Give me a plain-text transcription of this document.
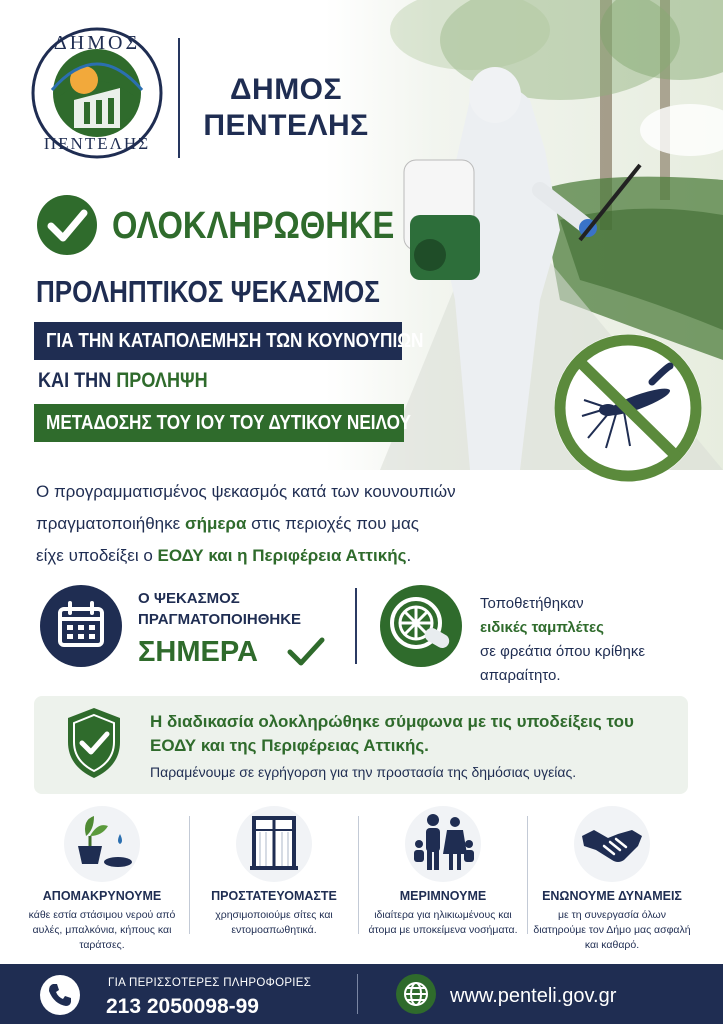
ΔΗΜΟΣ
ΠΕΝΤΕΛΗΣ
ΔΗΜΟΣ
ΠΕΝΤΕΛΗΣ
ΟΛΟΚΛΗΡΩΘΗΚΕ
ΠΡΟΛΗΠΤΙΚΟΣ ΨΕΚΑΣΜΟΣ
ΓΙΑ ΤΗΝ ΚΑΤΑΠΟΛΕΜΗΣΗ ΤΩΝ ΚΟΥΝΟΥΠΙΩΝ
ΚΑΙ ΤΗΝ ΠΡΟΛΗΨΗ
ΜΕΤΑΔΟΣΗΣ ΤΟΥ ΙΟΥ ΤΟΥ ΔΥΤΙΚΟΥ ΝΕΙΛΟΥ
Ο προγραμματισμένος ψεκασμός κατά των κουνουπιών
πραγματοποιήθηκε σήμερα στις περιοχές που μας
είχε υποδείξει ο ΕΟΔΥ και η Περιφέρεια Αττικής.
Ο ΨΕΚΑΣΜΟΣ
ΠΡΑΓΜΑΤΟΠΟΙΗΘΗΚΕ
ΣΗΜΕΡΑ
Τοποθετήθηκαν
ειδικές ταμπλέτες
σε φρεάτια όπου κρίθηκε
απαραίτητο.
Η διαδικασία ολοκληρώθηκε σύμφωνα με τις υποδείξεις του ΕΟΔΥ και της Περιφέρειας Αττικής.
Παραμένουμε σε εγρήγορση για την προστασία της δημόσιας υγείας.
ΑΠΟΜΑΚΡΥΝΟΥΜΕ
κάθε εστία στάσιμου νερού από αυλές, μπαλκόνια, κήπους και ταράτσες.
ΠΡΟΣΤΑΤΕΥΟΜΑΣΤΕ
χρησιμοποιούμε σίτες και εντομοαπωθητικά.
ΜΕΡΙΜΝΟΥΜΕ
ιδιαίτερα για ηλικιωμένους και άτομα με υποκείμενα νοσήματα.
ΕΝΩΝΟΥΜΕ ΔΥΝΑΜΕΙΣ
με τη συνεργασία όλων διατηρούμε τον Δήμο μας ασφαλή και καθαρό.
ΓΙΑ ΠΕΡΙΣΣΟΤΕΡΕΣ ΠΛΗΡΟΦΟΡΙΕΣ
213 2050098-99	www.penteli.gov.gr
